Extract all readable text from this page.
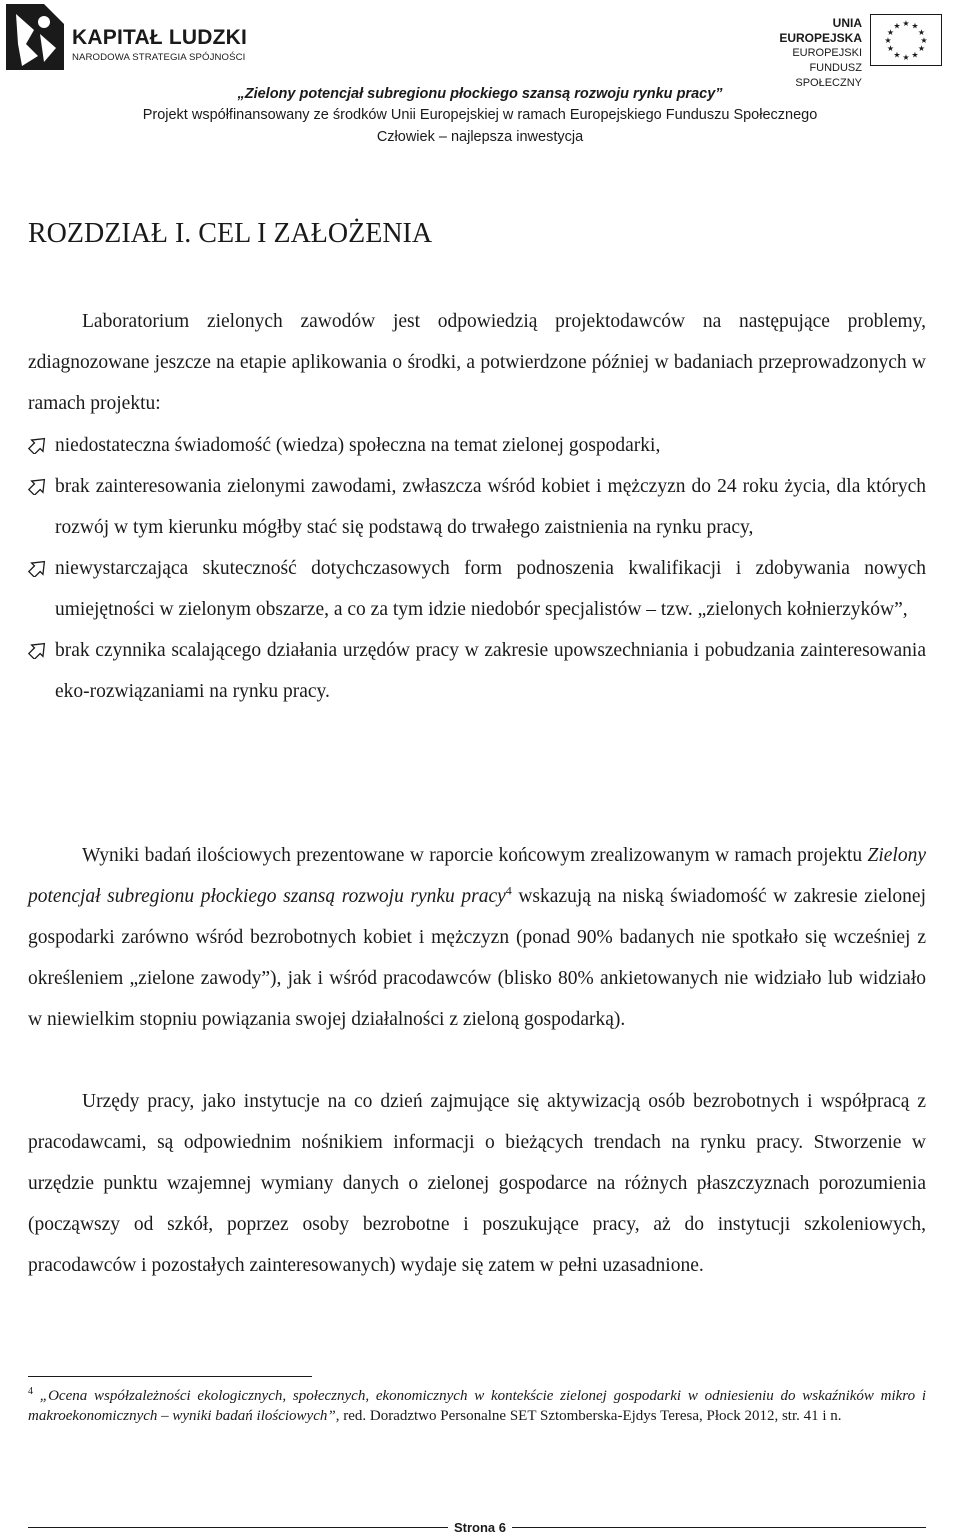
KAPITAŁ LUDZKI
NARODOWA STRATEGIA SPÓJNOŚCI
UNIA EUROPEJSKA
EUROPEJSKI
FUNDUSZ SPOŁECZNY
★ ★
★
★
★
★
★
★
★
★
★
★
„Zielony potencjał subregionu płockiego szansą rozwoju rynku pracy”
Projekt współfinansowany ze środków Unii Europejskiej w ramach Europejskiego Funduszu Społecznego
Człowiek – najlepsza inwestycja
ROZDZIAŁ I. CEL I ZAŁOŻENIA
Laboratorium zielonych zawodów jest odpowiedzią projektodawców na następujące problemy, zdiagnozowane jeszcze na etapie aplikowania o środki, a potwierdzone później w badaniach przeprowadzonych w ramach projektu:
niedostateczna świadomość (wiedza) społeczna na temat zielonej gospodarki,
brak zainteresowania zielonymi zawodami, zwłaszcza wśród kobiet i mężczyzn do 24 roku życia, dla których rozwój w tym kierunku mógłby stać się podstawą do trwałego zaistnienia na rynku pracy,
niewystarczająca skuteczność dotychczasowych form podnoszenia kwalifikacji i zdobywania nowych umiejętności w zielonym obszarze, a co za tym idzie niedobór specjalistów – tzw. „zielonych kołnierzyków”,
brak czynnika scalającego działania urzędów pracy w zakresie upowszechniania i pobudzania zainteresowania eko-rozwiązaniami na rynku pracy.
Wyniki badań ilościowych prezentowane w raporcie końcowym zrealizowanym w ramach projektu Zielony potencjał subregionu płockiego szansą rozwoju rynku pracy$^4$ wskazują na niską świadomość w zakresie zielonej gospodarki zarówno wśród bezrobotnych kobiet i mężczyzn (ponad 90% badanych nie spotkało się wcześniej z określeniem „zielone zawody”), jak i wśród pracodawców (blisko 80% ankietowanych nie widziało lub widziało w niewielkim stopniu powiązania swojej działalności z zieloną gospodarką).
Urzędy pracy, jako instytucje na co dzień zajmujące się aktywizacją osób bezrobotnych i współpracą z pracodawcami, są odpowiednim nośnikiem informacji o bieżących trendach na rynku pracy. Stworzenie w urzędzie punktu wzajemnej wymiany danych o zielonej gospodarce na różnych płaszczyznach porozumienia (począwszy od szkół, poprzez osoby bezrobotne i poszukujące pracy, aż do instytucji szkoleniowych, pracodawców i pozostałych zainteresowanych) wydaje się zatem w pełni uzasadnione.
$^4$ „Ocena współzależności ekologicznych, społecznych, ekonomicznych w kontekście zielonej gospodarki w odniesieniu do wskaźników mikro i makroekonomicznych – wyniki badań ilościowych”, red. Doradztwo Personalne SET Sztomberska-Ejdys Teresa, Płock 2012, str. 41 i n.
Strona 6
